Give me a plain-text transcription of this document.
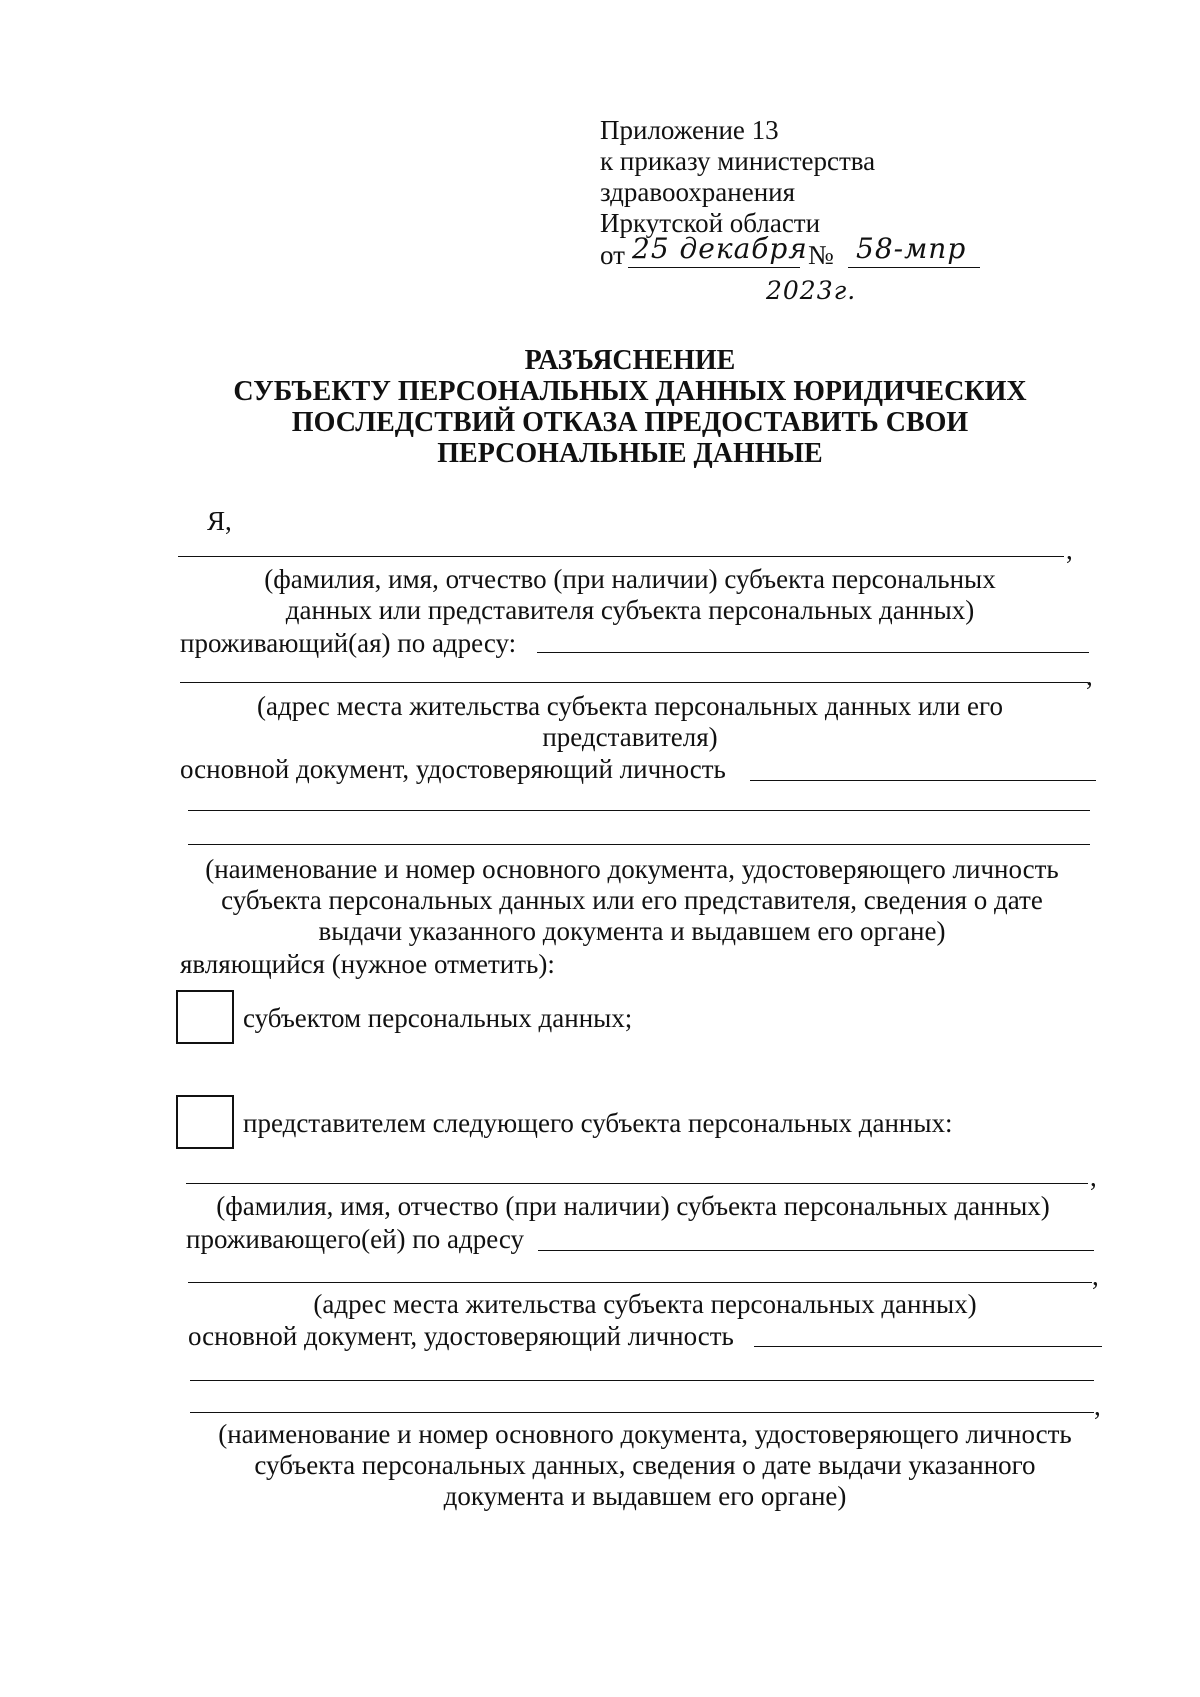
Приложение 13
к приказу министерства
здравоохранения
Иркутской области
от 25 декабря № 58-мпр
2023г.
РАЗЪЯСНЕНИЕ
СУБЪЕКТУ ПЕРСОНАЛЬНЫХ ДАННЫХ ЮРИДИЧЕСКИХ
ПОСЛЕДСТВИЙ ОТКАЗА ПРЕДОСТАВИТЬ СВОИ
ПЕРСОНАЛЬНЫЕ ДАННЫЕ
Я,
,
(фамилия, имя, отчество (при наличии) субъекта персональных
данных или представителя субъекта персональных данных)
проживающий(ая) по адресу:
,
(адрес места жительства субъекта персональных данных или его
представителя)
основной документ, удостоверяющий личность
(наименование и номер основного документа, удостоверяющего личность
субъекта персональных данных или его представителя, сведения о дате
выдачи указанного документа и выдавшем его органе)
являющийся (нужное отметить):
субъектом персональных данных;
представителем следующего субъекта персональных данных:
,
(фамилия, имя, отчество (при наличии) субъекта персональных данных)
проживающего(ей) по адресу
,
(адрес места жительства субъекта персональных данных)
основной документ, удостоверяющий личность
,
(наименование и номер основного документа, удостоверяющего личность
субъекта персональных данных, сведения о дате выдачи указанного
документа и выдавшем его органе)
